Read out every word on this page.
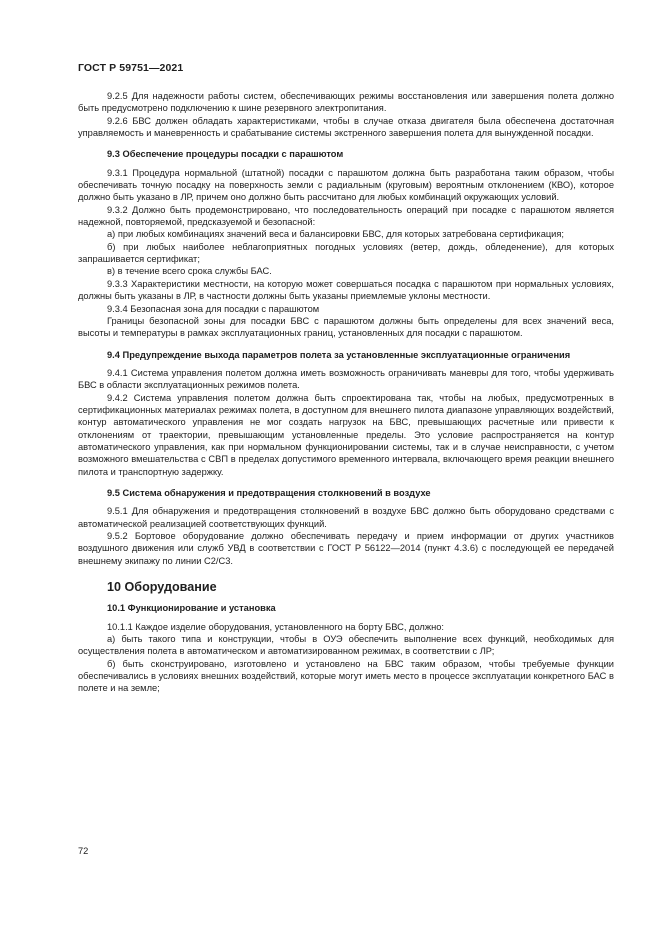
ГОСТ Р 59751—2021

9.2.5 Для надежности работы систем, обеспечивающих режимы восстановления или завершения полета должно быть предусмотрено подключению к шине резервного электропитания.

9.2.6 БВС должен обладать характеристиками, чтобы в случае отказа двигателя была обеспечена достаточная управляемость и маневренность и срабатывание системы экстренного завершения полета для вынужденной посадки.

9.3 Обеспечение процедуры посадки с парашютом

9.3.1 Процедура нормальной (штатной) посадки с парашютом должна быть разработана таким образом, чтобы обеспечивать точную посадку на поверхность земли с радиальным (круговым) вероятным отклонением (КВО), которое должно быть указано в ЛР, причем оно должно быть рассчитано для любых комбинаций окружающих условий.

9.3.2 Должно быть продемонстрировано, что последовательность операций при посадке с парашютом является надежной, повторяемой, предсказуемой и безопасной:

а) при любых комбинациях значений веса и балансировки БВС, для которых затребована сертификация;

б) при любых наиболее неблагоприятных погодных условиях (ветер, дождь, обледенение), для которых запрашивается сертификат;

в) в течение всего срока службы БАС.

9.3.3 Характеристики местности, на которую может совершаться посадка с парашютом при нормальных условиях, должны быть указаны в ЛР, в частности должны быть указаны приемлемые уклоны местности.

9.3.4 Безопасная зона для посадки с парашютом

Границы безопасной зоны для посадки БВС с парашютом должны быть определены для всех значений веса, высоты и температуры в рамках эксплуатационных границ, установленных для посадки с парашютом.

9.4 Предупреждение выхода параметров полета за установленные эксплуатационные ограничения

9.4.1 Система управления полетом должна иметь возможность ограничивать маневры для того, чтобы удерживать БВС в области эксплуатационных режимов полета.

9.4.2 Система управления полетом должна быть спроектирована так, чтобы на любых, предусмотренных в сертификационных материалах режимах полета, в доступном для внешнего пилота диапазоне управляющих воздействий, контур автоматического управления не мог создать нагрузок на БВС, превышающих расчетные или привести к отклонениям от траектории, превышающим установленные пределы. Это условие распространяется на контур автоматического управления, как при нормальном функционировании системы, так и в случае неисправности, с учетом возможного вмешательства с СВП в пределах допустимого временного интервала, включающего время реакции внешнего пилота и транспортную задержку.

9.5 Система обнаружения и предотвращения столкновений в воздухе

9.5.1 Для обнаружения и предотвращения столкновений в воздухе БВС должно быть оборудовано средствами с автоматической реализацией соответствующих функций.

9.5.2 Бортовое оборудование должно обеспечивать передачу и прием информации от других участников воздушного движения или служб УВД в соответствии с ГОСТ Р 56122—2014 (пункт 4.3.6) с последующей ее передачей внешнему экипажу по линии С2/С3.

10 Оборудование
10.1 Функционирование и установка

10.1.1 Каждое изделие оборудования, установленного на борту БВС, должно:

а) быть такого типа и конструкции, чтобы в ОУЭ обеспечить выполнение всех функций, необходимых для осуществления полета в автоматическом и автоматизированном режимах, в соответствии с ЛР;

б) быть сконструировано, изготовлено и установлено на БВС таким образом, чтобы требуемые функции обеспечивались в условиях внешних воздействий, которые могут иметь место в процессе эксплуатации конкретного БАС в полете и на земле;

72
